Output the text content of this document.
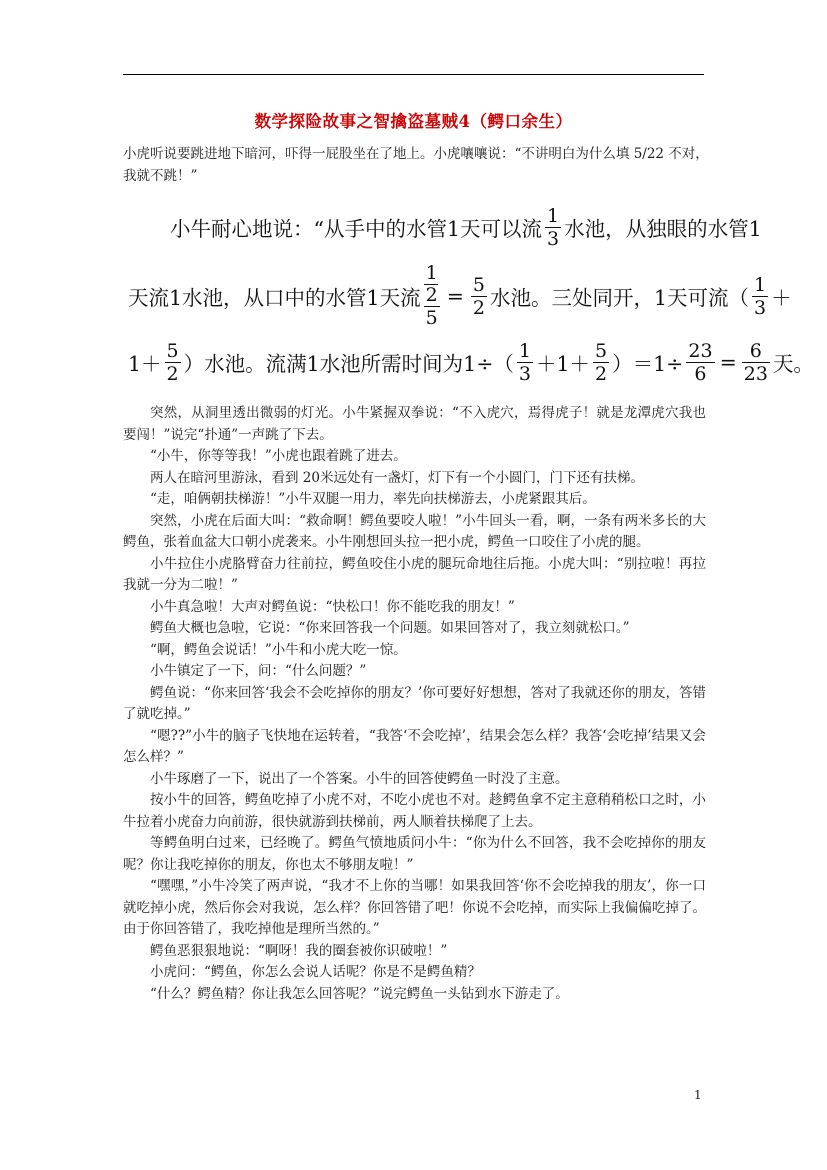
数学探险故事之智擒盗墓贼4（鳄口余生）

小虎听说要跳进地下暗河，吓得一屁股坐在了地上。小虎嚷嚷说：“不讲明白为什么填 5/22 不对，我就不跳！”

小牛耐心地说：“从手中的水管1天可以流 $\frac{1}{3}$ 水池，从独眼的水管1
天流1水池，从口中的水管1天流 1
2
$5 = \frac{5}{2}$ 水池。三处同开，1天可流（ $\frac{1}{3}$ ＋
$1+ \frac{5}{2}$ ）水池。流满1水池所需时间为$1\div( \frac{1}{3} +1+ \frac{5}{2} )=1\div \frac{23}{6} = \frac{6}{23}$ 天。

突然，从洞里透出微弱的灯光。小牛紧握双拳说：“不入虎穴，焉得虎子！就是龙潭虎穴我也要闯！”说完“扑通”一声跳了下去。

“小牛，你等等我！”小虎也跟着跳了进去。

两人在暗河里游泳，看到 20米远处有一盏灯，灯下有一个小圆门，门下还有扶梯。

“走，咱俩朝扶梯游！”小牛双腿一用力，率先向扶梯游去，小虎紧跟其后。

突然，小虎在后面大叫：“救命啊！鳄鱼要咬人啦！”小牛回头一看，啊，一条有两米多长的大鳄鱼，张着血盆大口朝小虎袭来。小牛刚想回头拉一把小虎，鳄鱼一口咬住了小虎的腿。

小牛拉住小虎胳臂奋力往前拉，鳄鱼咬住小虎的腿玩命地往后拖。小虎大叫：“别拉啦！再拉我就一分为二啦！”

小牛真急啦！大声对鳄鱼说：“快松口！你不能吃我的朋友！”

鳄鱼大概也急啦，它说：“你来回答我一个问题。如果回答对了，我立刻就松口。”

“啊，鳄鱼会说话！”小牛和小虎大吃一惊。

小牛镇定了一下，问：“什么问题？”

鳄鱼说：“你来回答‘我会不会吃掉你的朋友？’你可要好好想想，答对了我就还你的朋友，答错了就吃掉。”

“嗯??”小牛的脑子飞快地在运转着，“我答‘不会吃掉’，结果会怎么样？我答‘会吃掉’结果又会怎么样？”

小牛琢磨了一下，说出了一个答案。小牛的回答使鳄鱼一时没了主意。

按小牛的回答，鳄鱼吃掉了小虎不对，不吃小虎也不对。趁鳄鱼拿不定主意稍稍松口之时，小牛拉着小虎奋力向前游，很快就游到扶梯前，两人顺着扶梯爬了上去。

等鳄鱼明白过来，已经晚了。鳄鱼气愤地质问小牛：“你为什么不回答，我不会吃掉你的朋友呢？你让我吃掉你的朋友，你也太不够朋友啦！”

“嘿嘿，”小牛冷笑了两声说，“我才不上你的当哪！如果我回答‘你不会吃掉我的朋友’，你一口就吃掉小虎，然后你会对我说，怎么样？你回答错了吧！你说不会吃掉，而实际上我偏偏吃掉了。由于你回答错了，我吃掉他是理所当然的。”

鳄鱼恶狠狠地说：“啊呀！我的圈套被你识破啦！”

小虎问：“鳄鱼，你怎么会说人话呢？你是不是鳄鱼精？

“什么？鳄鱼精？你让我怎么回答呢？”说完鳄鱼一头钻到水下游走了。

1
